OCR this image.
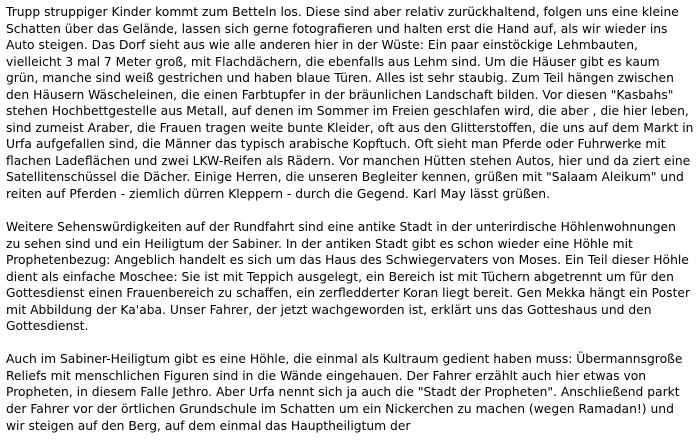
Trupp struppiger Kinder kommt zum Betteln los. Diese sind aber relativ zurückhaltend, folgen uns eine kleine Schatten über das Gelände, lassen sich gerne fotografieren und halten erst die Hand auf, als wir wieder ins Auto steigen. Das Dorf sieht aus wie alle anderen hier in der Wüste: Ein paar einstöckige Lehmbauten, vielleicht 3 mal 7 Meter groß, mit Flachdächern, die ebenfalls aus Lehm sind. Um die Häuser gibt es kaum grün, manche sind weiß gestrichen und haben blaue Türen. Alles ist sehr staubig. Zum Teil hängen zwischen den Häusern Wäscheleinen, die einen Farbtupfer in der bräunlichen Landschaft bilden. Vor diesen "Kasbahs" stehen Hochbettgestelle aus Metall, auf denen im Sommer im Freien geschlafen wird, die aber , die hier leben, sind zumeist Araber, die Frauen tragen weite bunte Kleider, oft aus den Glitterstoffen, die uns auf dem Markt in Urfa aufgefallen sind, die Männer das typisch arabische Kopftuch. Oft sieht man Pferde oder Fuhrwerke mit flachen Ladeflächen und zwei LKW-Reifen als Rädern. Vor manchen Hütten stehen Autos, hier und da ziert eine Satellitenschüssel die Dächer. Einige Herren, die unseren Begleiter kennen, grüßen mit "Salaam Aleikum" und reiten auf Pferden - ziemlich dürren Kleppern - durch die Gegend. Karl May lässt grüßen.

Weitere Sehenswürdigkeiten auf der Rundfahrt sind eine antike Stadt in der unterirdische Höhlenwohnungen zu sehen sind und ein Heiligtum der Sabiner. In der antiken Stadt gibt es schon wieder eine Höhle mit Prophetenbezug: Angeblich handelt es sich um das Haus des Schwiegervaters von Moses. Ein Teil dieser Höhle dient als einfache Moschee: Sie ist mit Teppich ausgelegt, ein Bereich ist mit Tüchern abgetrennt um für den Gottesdienst einen Frauenbereich zu schaffen, ein zerfledderter Koran liegt bereit. Gen Mekka hängt ein Poster mit Abbildung der Ka'aba. Unser Fahrer, der jetzt wachgeworden ist, erklärt uns das Gotteshaus und den Gottesdienst.

Auch im Sabiner-Heiligtum gibt es eine Höhle, die einmal als Kultraum gedient haben muss: Übermannsgroße Reliefs mit menschlichen Figuren sind in die Wände eingehauen. Der Fahrer erzählt auch hier etwas von Propheten, in diesem Falle Jethro. Aber Urfa nennt sich ja auch die "Stadt der Propheten". Anschließend parkt der Fahrer vor der örtlichen Grundschule im Schatten um ein Nickerchen zu machen (wegen Ramadan!) und wir steigen auf den Berg, auf dem einmal das Hauptheiligtum der
